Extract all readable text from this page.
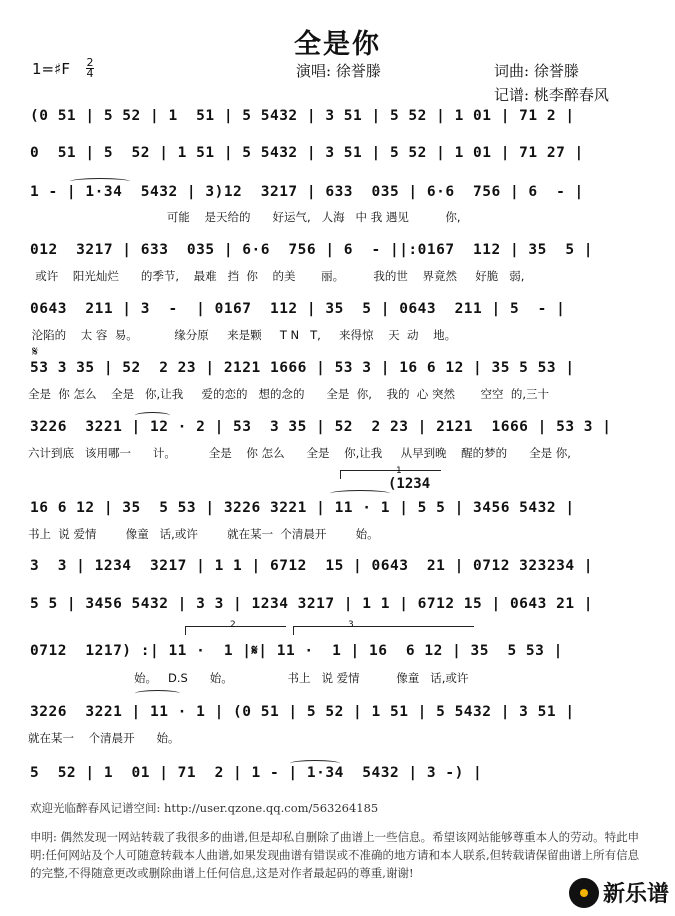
全是你
1=♯F 2
4	演唱: 徐誉滕	词曲: 徐誉滕
记谱: 桃李醉春风
(0 51 | 5 52 | 1  51 | 5 5432 | 3 51 | 5 52 | 1 01 | 71 2 |
0  51 | 5  52 | 1 51 | 5 5432 | 3 51 | 5 52 | 1 01 | 71 27 |
1 - | 1·34  5432 | 3)12  3217 | 633  035 | 6·6  756 | 6  - |
可能    是天给的      好运气,   人海   中 我 遇见          你,
012  3217 | 633  035 | 6·6  756 | 6  - ||:0167  112 | 35  5 |
或许    阳光灿烂      的季节,    最难   挡  你    的美       丽。        我的世    界竟然     好脆   弱,
0643  211 | 3  -  | 0167  112 | 35  5 | 0643  211 | 5  - |
沦陷的    太 容  易。          缘分原     来是颗     T N   T,     来得惊    天  动    地。
𝄋
53 3 35 | 52  2 23 | 2121 1666 | 53 3 | 16 6 12 | 35 5 53 |
全是  你 怎么    全是   你,让我     爱的恋的   想的念的      全是  你,    我的  心 突然       空空  的,三十
3226  3221 | 12 · 2 | 53  3 35 | 52  2 23 | 2121  1666 | 53 3 |
六计到底   该用哪一      计。         全是    你 怎么      全是    你,让我     从早到晚    醒的梦的      全是 你,
1
(1234
16 6 12 | 35  5 53 | 3226 3221 | 11 · 1 | 5 5 | 3456 5432 |
书上  说 爱情        像童   话,或许        就在某一  个清晨开        始。
3  3 | 1234  3217 | 1 1 | 6712  15 | 0643  21 | 0712 323234 |
5 5 | 3456 5432 | 3 3 | 1234 3217 | 1 1 | 6712 15 | 0643 21 |
2	3
0712  1217) :| 11 ·  1 |𝄋| 11 ·  1 | 16  6 12 | 35  5 53 |
始。   D.S      始。               书上   说 爱情          像童   话,或许
3226  3221 | 11 · 1 | (0 51 | 5 52 | 1 51 | 5 5432 | 3 51 |
就在某一    个清晨开      始。
5  52 | 1  01 | 71  2 | 1 - | 1·34  5432 | 3 -) |
欢迎光临醉春风记谱空间: http://user.qzone.qq.com/563264185
申明: 偶然发现一网站转载了我很多的曲谱,但是却私自删除了曲谱上一些信息。希望该网站能够尊重本人的劳动。特此申明:任何网站及个人可随意转载本人曲谱,如果发现曲谱有错误或不准确的地方请和本人联系,但转载请保留曲谱上所有信息的完整,不得随意更改或删除曲谱上任何信息,这是对作者最起码的尊重,谢谢!
新乐谱
